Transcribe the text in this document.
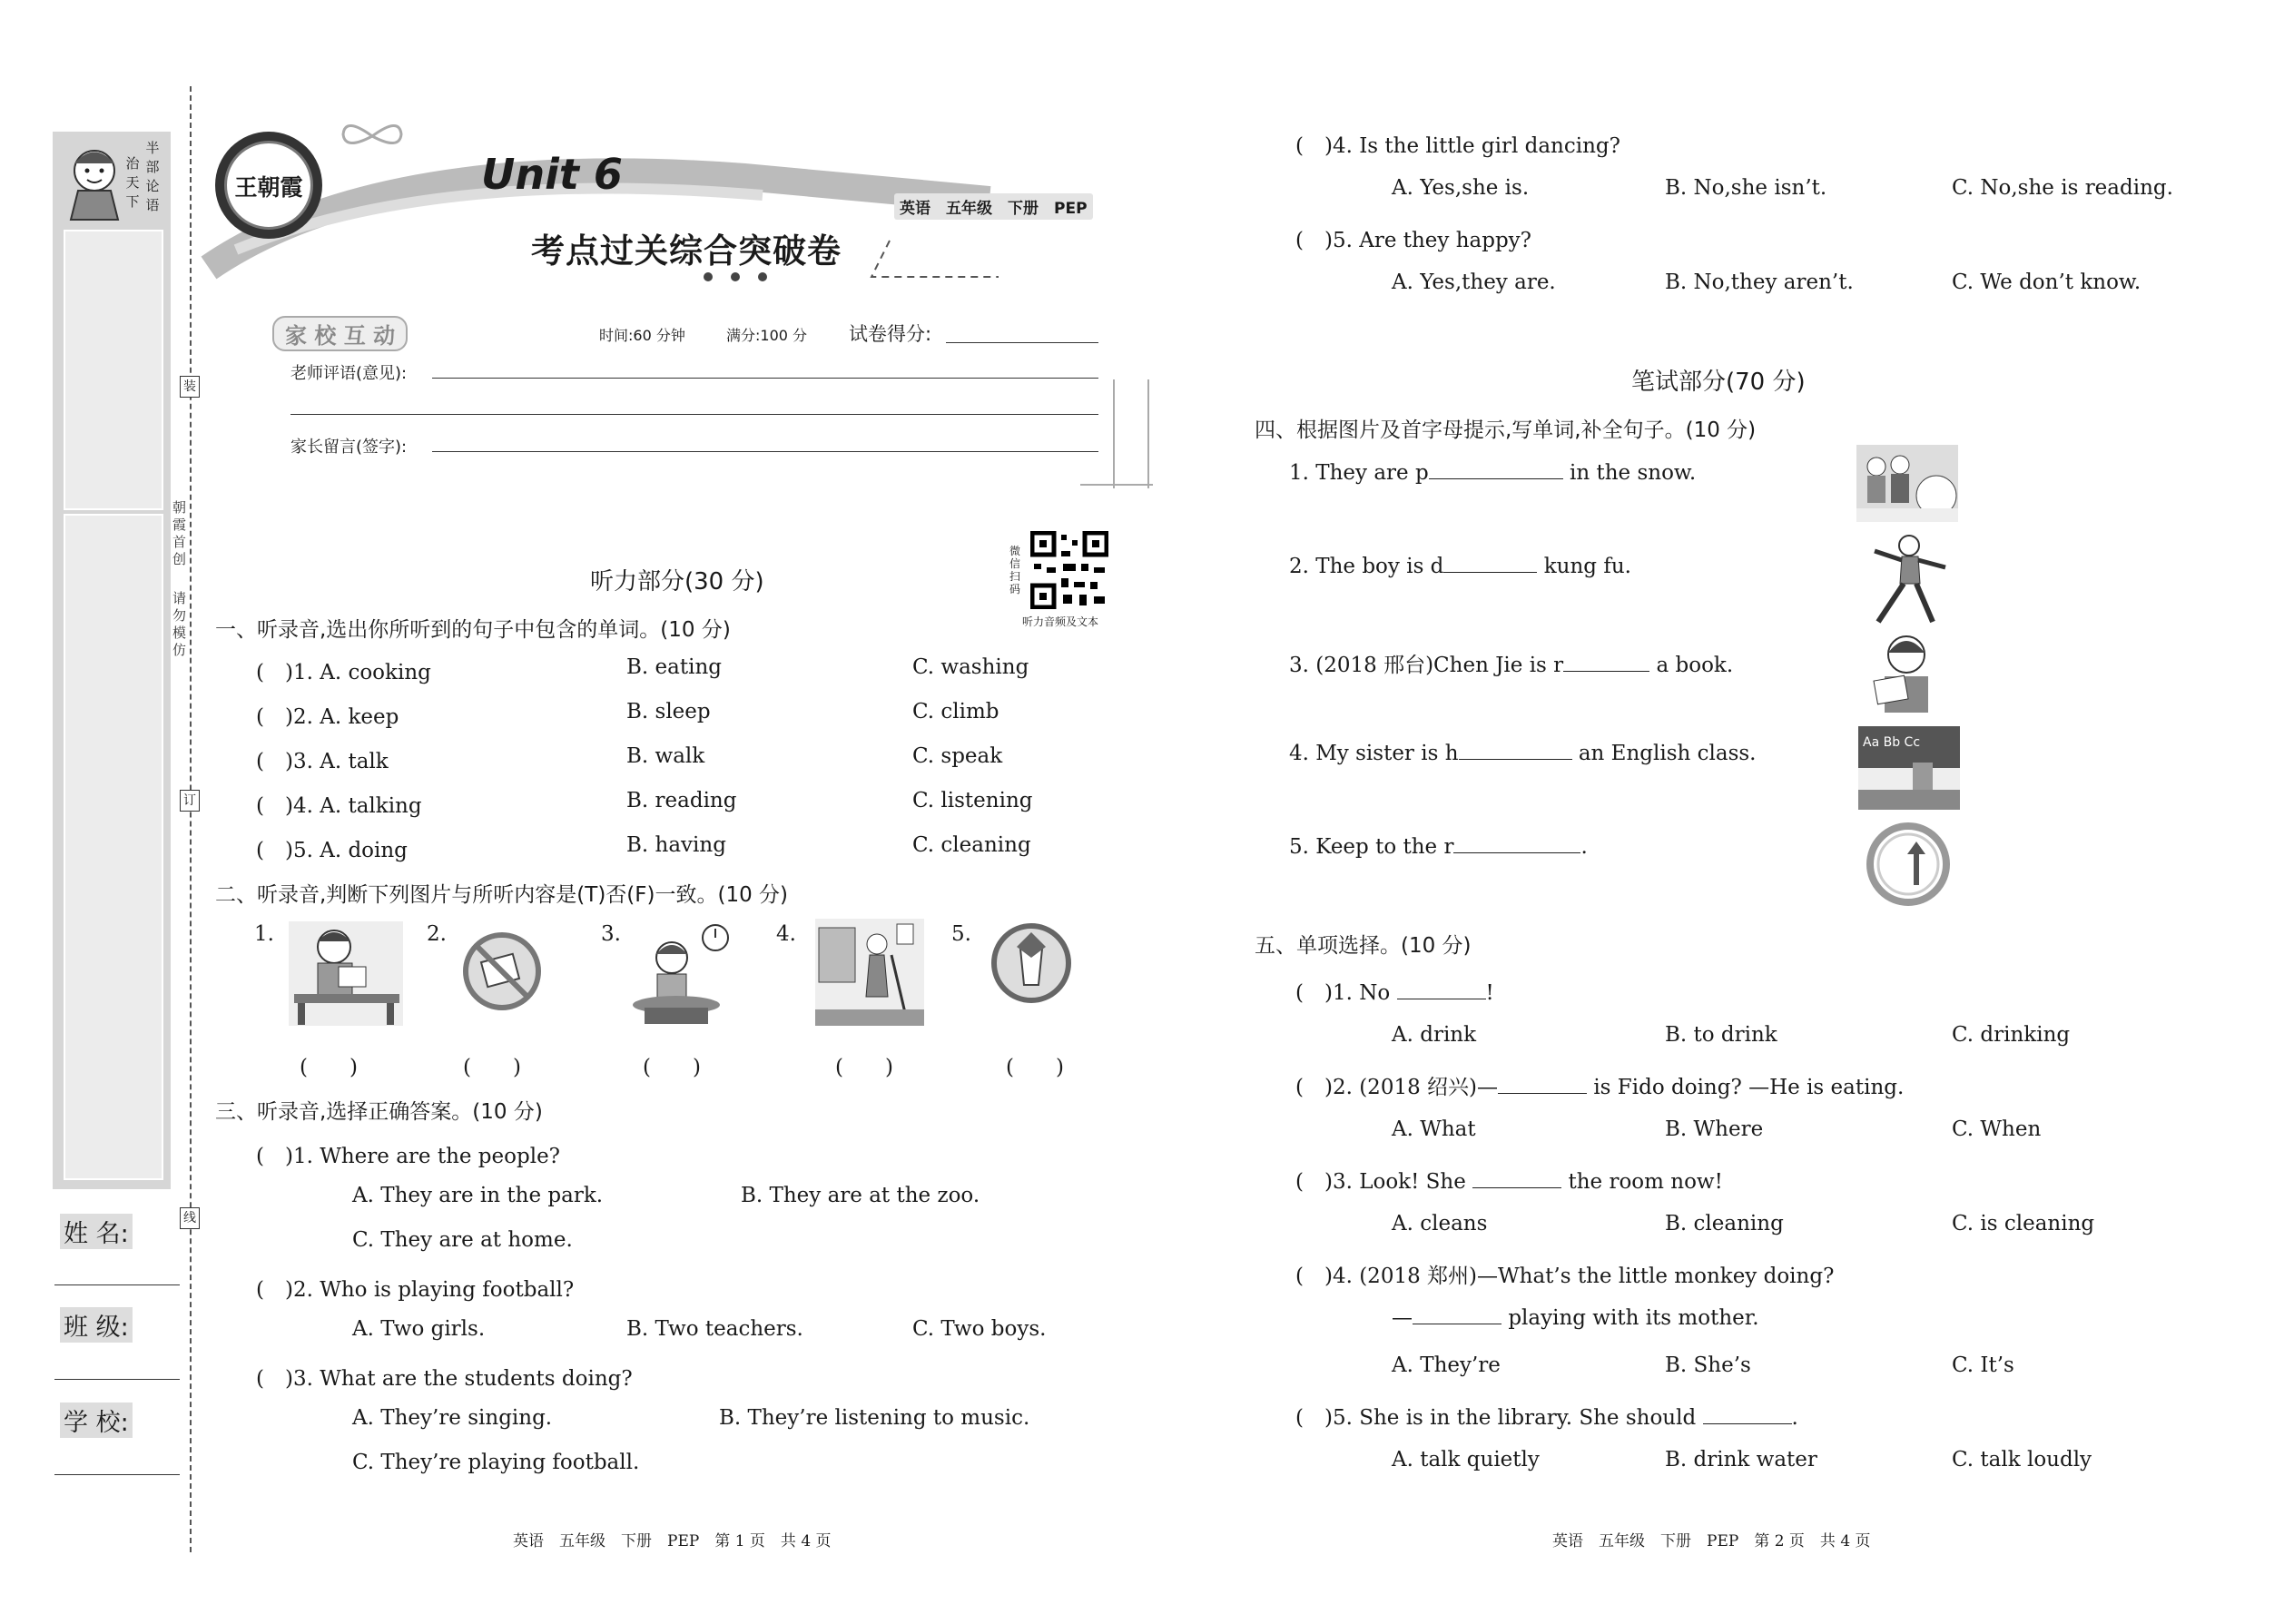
半
部
论
语
治
天
下
朝霞首创
请勿模仿
装
订
线
姓 名:
班 级:
学 校:
王朝霞	Unit 6
考点过关综合突破卷
英语　五年级　下册　PEP
家 校 互 动	时间:60 分钟	满分:100 分 试卷得分:
老师评语(意见):
家长留言(签字):
微信扫码
听力音频及文本
听力部分(30 分)
一、听录音,选出你所听到的句子中包含的单词。(10 分)
(　)1. A. cooking	B. eating	C. washing
(　)2. A. keep	B. sleep	C. climb
(　)3. A. talk	B. walk	C. speak
(　)4. A. talking	B. reading	C. listening
(　)5. A. doing	B. having	C. cleaning
二、听录音,判断下列图片与所听内容是(T)否(F)一致。(10 分)
1.	2.	3.	4.	5.
(　　)	(　　)	(　　)	(　　)	(　　)
三、听录音,选择正确答案。(10 分)
(　)1. Where are the people?
A. They are in the park.	B. They are at the zoo.
C. They are at home.
(　)2. Who is playing football?
A. Two girls.	B. Two teachers.	C. Two boys.
(　)3. What are the students doing?
A. They’re singing.	B. They’re listening to music.
C. They’re playing football.
英语　五年级　下册　PEP　第 1 页　共 4 页
(　)4. Is the little girl dancing?
A. Yes,she is.	B. No,she isn’t.	C. No,she is reading.
(　)5. Are they happy?
A. Yes,they are.	B. No,they aren’t.	C. We don’t know.
笔试部分(70 分)
四、根据图片及首字母提示,写单词,补全句子。(10 分)
1. They are p	in the snow.
2. The boy is d	kung fu.
3. (2018 邢台)Chen Jie is r	a book.
4. My sister is h	an English class.	Aa Bb Cc
5. Keep to the r	.
五、单项选择。(10 分)
(　)1. No	!
A. drink	B. to drink	C. drinking
(　)2. (2018 绍兴)—	is Fido doing? —He is eating.
A. What	B. Where	C. When
(　)3. Look! She	the room now!
A. cleans	B. cleaning	C. is cleaning
(　)4. (2018 郑州)—What’s the little monkey doing?
—	playing with its mother.
A. They’re	B. She’s	C. It’s
(　)5. She is in the library. She should	.
A. talk quietly	B. drink water	C. talk loudly
英语　五年级　下册　PEP　第 2 页　共 4 页
